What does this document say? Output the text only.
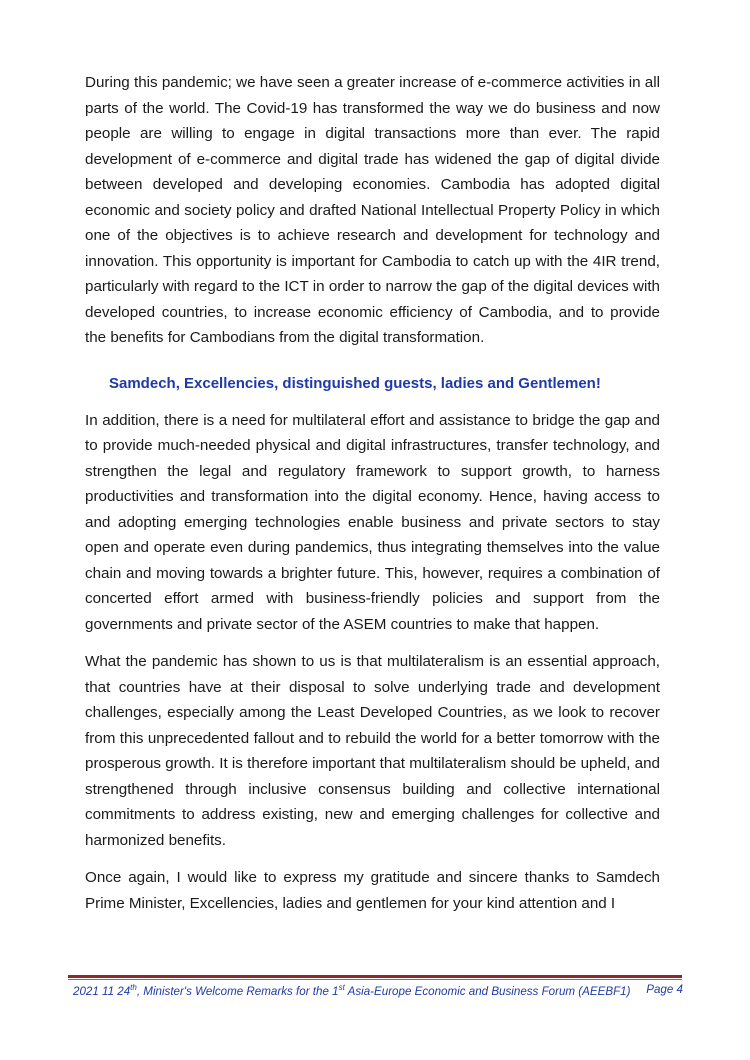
During this pandemic; we have seen a greater increase of e-commerce activities in all parts of the world. The Covid-19 has transformed the way we do business and now people are willing to engage in digital transactions more than ever. The rapid development of e-commerce and digital trade has widened the gap of digital divide between developed and developing economies. Cambodia has adopted digital economic and society policy and drafted National Intellectual Property Policy in which one of the objectives is to achieve research and development for technology and innovation. This opportunity is important for Cambodia to catch up with the 4IR trend, particularly with regard to the ICT in order to narrow the gap of the digital devices with developed countries, to increase economic efficiency of Cambodia, and to provide the benefits for Cambodians from the digital transformation.

Samdech, Excellencies, distinguished guests, ladies and Gentlemen!

In addition, there is a need for multilateral effort and assistance to bridge the gap and to provide much-needed physical and digital infrastructures, transfer technology, and strengthen the legal and regulatory framework to support growth, to harness productivities and transformation into the digital economy. Hence, having access to and adopting emerging technologies enable business and private sectors to stay open and operate even during pandemics, thus integrating themselves into the value chain and moving towards a brighter future. This, however, requires a combination of concerted effort armed with business-friendly policies and support from the governments and private sector of the ASEM countries to make that happen.

What the pandemic has shown to us is that multilateralism is an essential approach, that countries have at their disposal to solve underlying trade and development challenges, especially among the Least Developed Countries, as we look to recover from this unprecedented fallout and to rebuild the world for a better tomorrow with the prosperous growth. It is therefore important that multilateralism should be upheld, and strengthened through inclusive consensus building and collective international commitments to address existing, new and emerging challenges for collective and harmonized benefits.

Once again, I would like to express my gratitude and sincere thanks to Samdech Prime Minister, Excellencies, ladies and gentlemen for your kind attention and I

2021 11 24th, Minister's Welcome Remarks for the 1st Asia-Europe Economic and Business Forum (AEEBF1) Page 4
